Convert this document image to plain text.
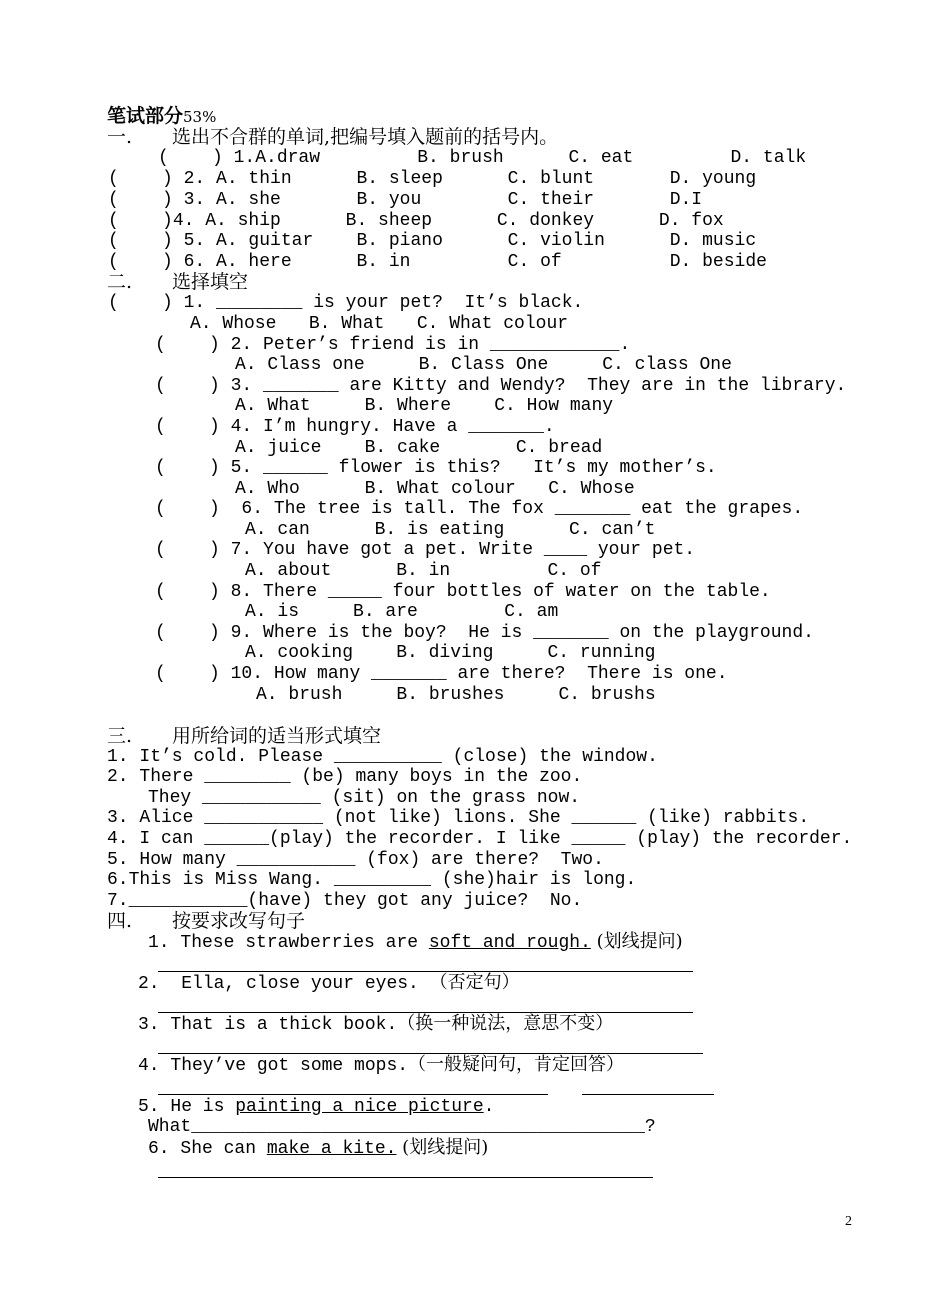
笔试部分53%
一. 选出不合群的单词,把编号填入题前的括号内。
(    ) 1.A.draw         B. brush      C. eat         D. talk
(    ) 2. A. thin      B. sleep      C. blunt       D. young
(    ) 3. A. she       B. you        C. their       D.I
(    )4. A. ship      B. sheep      C. donkey      D. fox
(    ) 5. A. guitar    B. piano      C. violin      D. music
(    ) 6. A. here      B. in         C. of          D. beside
二. 选择填空
(    ) 1. ________ is your pet?  It’s black.
A. Whose   B. What   C. What colour
(    ) 2. Peter’s friend is in ____________.
A. Class one     B. Class One     C. class One
(    ) 3. _______ are Kitty and Wendy?  They are in the library.
A. What     B. Where    C. How many
(    ) 4. I’m hungry. Have a _______.
A. juice    B. cake       C. bread
(    ) 5. ______ flower is this?   It’s my mother’s.
A. Who      B. What colour   C. Whose
(    ) 6. The tree is tall. The fox _______ eat the grapes.
A. can      B. is eating      C. can’t
(    ) 7. You have got a pet. Write ____ your pet.
A. about      B. in         C. of
(    ) 8. There _____ four bottles of water on the table.
A. is     B. are        C. am
(    ) 9. Where is the boy?  He is _______ on the playground.
A. cooking    B. diving     C. running
(    ) 10. How many _______ are there?  There is one.
A. brush     B. brushes     C. brushs
三. 用所给词的适当形式填空
1. It’s cold. Please __________ (close) the window.
2. There ________ (be) many boys in the zoo.
They ___________ (sit) on the grass now.
3. Alice ___________ (not like) lions. She ______ (like) rabbits.
4. I can ______(play) the recorder. I like _____ (play) the recorder.
5. How many ___________ (fox) are there?  Two.
6.This is Miss Wang. _________ (she)hair is long.
7.___________(have) they got any juice?  No.
四. 按要求改写句子
1. These strawberries are soft and rough. (划线提问)
2.  Ella, close your eyes. （否定句）
3. That is a thick book.（换一种说法，意思不变）
4. They’ve got some mops.（一般疑问句，肯定回答）
5. He is painting a nice picture.
What__________________________________________?
6. She can make a kite. (划线提问)
2
